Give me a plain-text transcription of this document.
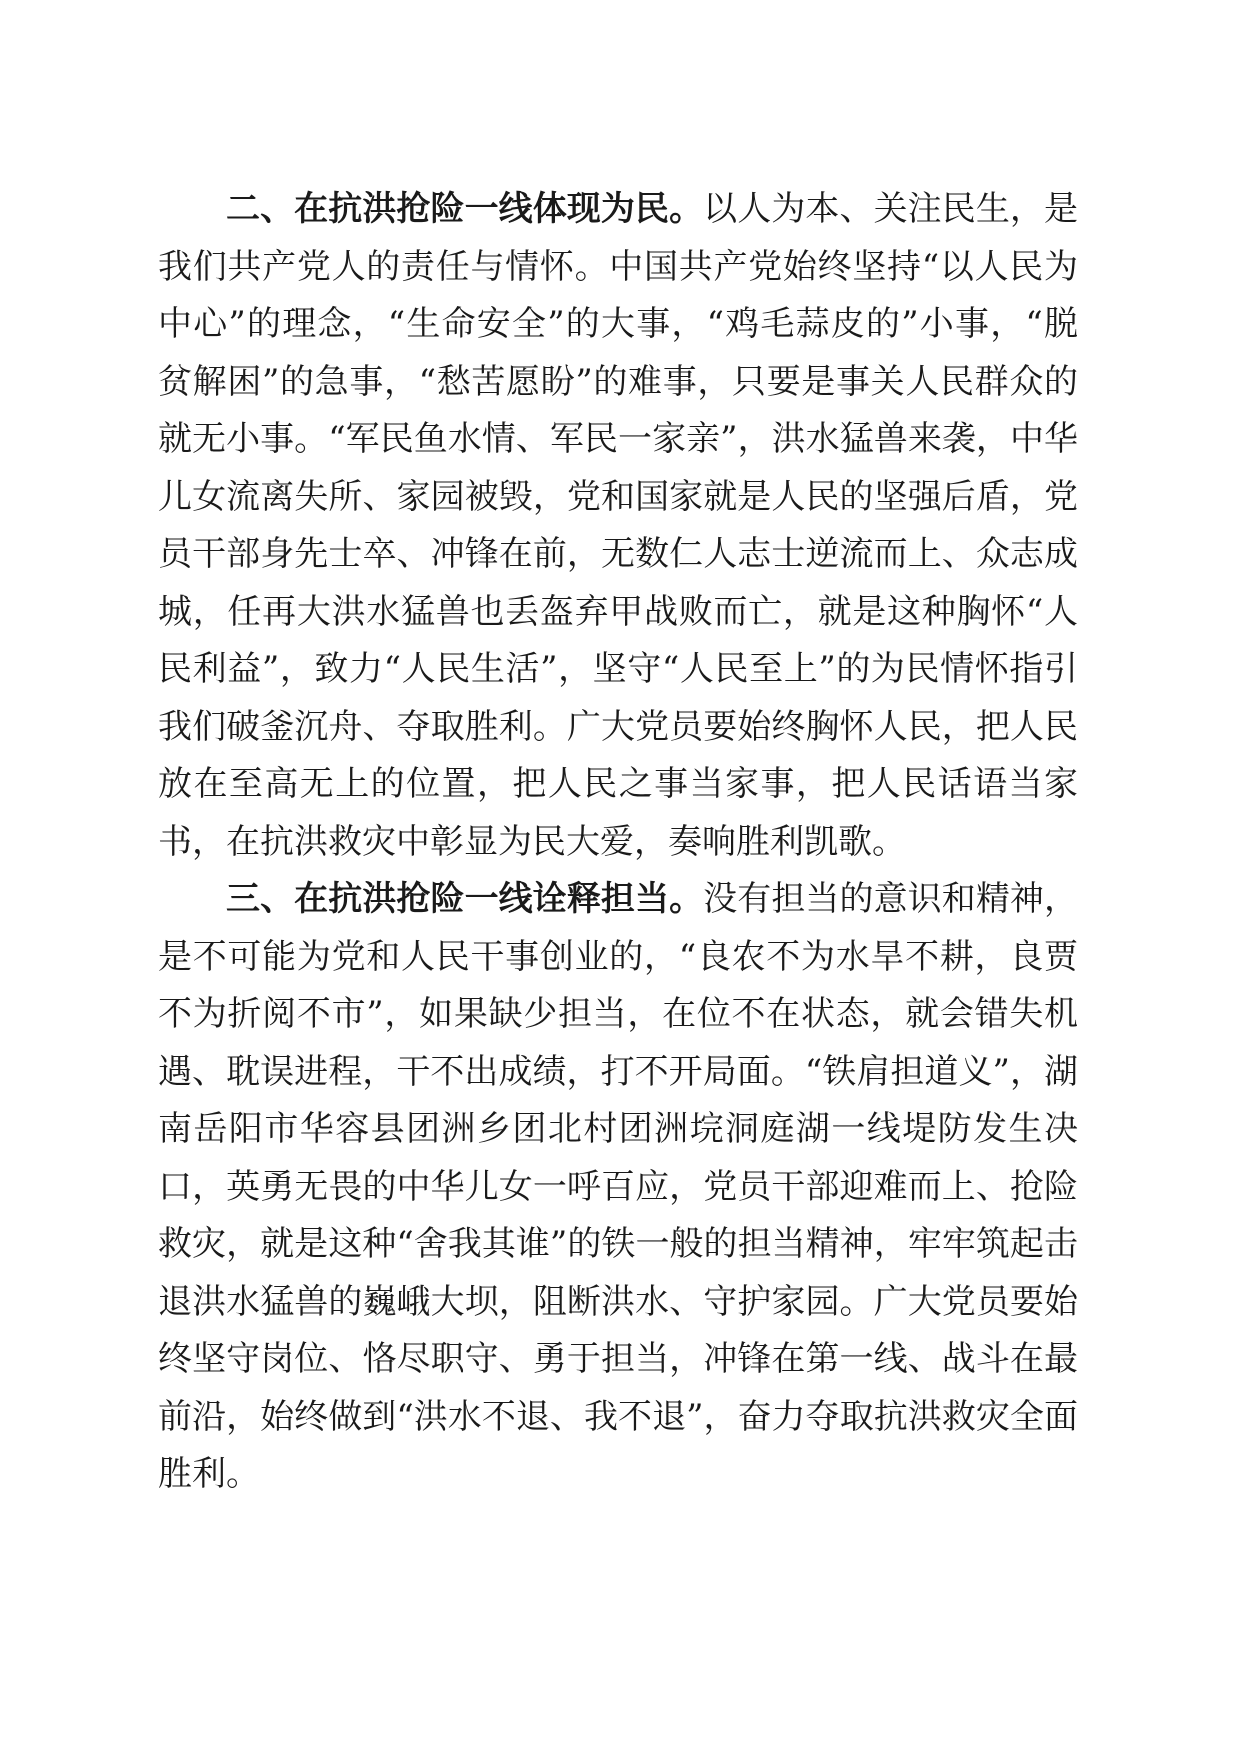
二、在抗洪抢险一线体现为民。以人为本、关注民生，是我们共产党人的责任与情怀。中国共产党始终坚持“以人民为中心”的理念，“生命安全”的大事，“鸡毛蒜皮的”小事，“脱贫解困”的急事，“愁苦愿盼”的难事，只要是事关人民群众的就无小事。“军民鱼水情、军民一家亲”，洪水猛兽来袭，中华儿女流离失所、家园被毁，党和国家就是人民的坚强后盾，党员干部身先士卒、冲锋在前，无数仁人志士逆流而上、众志成城，任再大洪水猛兽也丢盔弃甲战败而亡，就是这种胸怀“人民利益”，致力“人民生活”，坚守“人民至上”的为民情怀指引我们破釜沉舟、夺取胜利。广大党员要始终胸怀人民，把人民放在至高无上的位置，把人民之事当家事，把人民话语当家书，在抗洪救灾中彰显为民大爱，奏响胜利凯歌。

三、在抗洪抢险一线诠释担当。没有担当的意识和精神，是不可能为党和人民干事创业的，“良农不为水旱不耕，良贾不为折阅不市”，如果缺少担当，在位不在状态，就会错失机遇、耽误进程，干不出成绩，打不开局面。“铁肩担道义”，湖南岳阳市华容县团洲乡团北村团洲垸洞庭湖一线堤防发生决口，英勇无畏的中华儿女一呼百应，党员干部迎难而上、抢险救灾，就是这种“舍我其谁”的铁一般的担当精神，牢牢筑起击退洪水猛兽的巍峨大坝，阻断洪水、守护家园。广大党员要始终坚守岗位、恪尽职守、勇于担当，冲锋在第一线、战斗在最前沿，始终做到“洪水不退、我不退”，奋力夺取抗洪救灾全面胜利。
